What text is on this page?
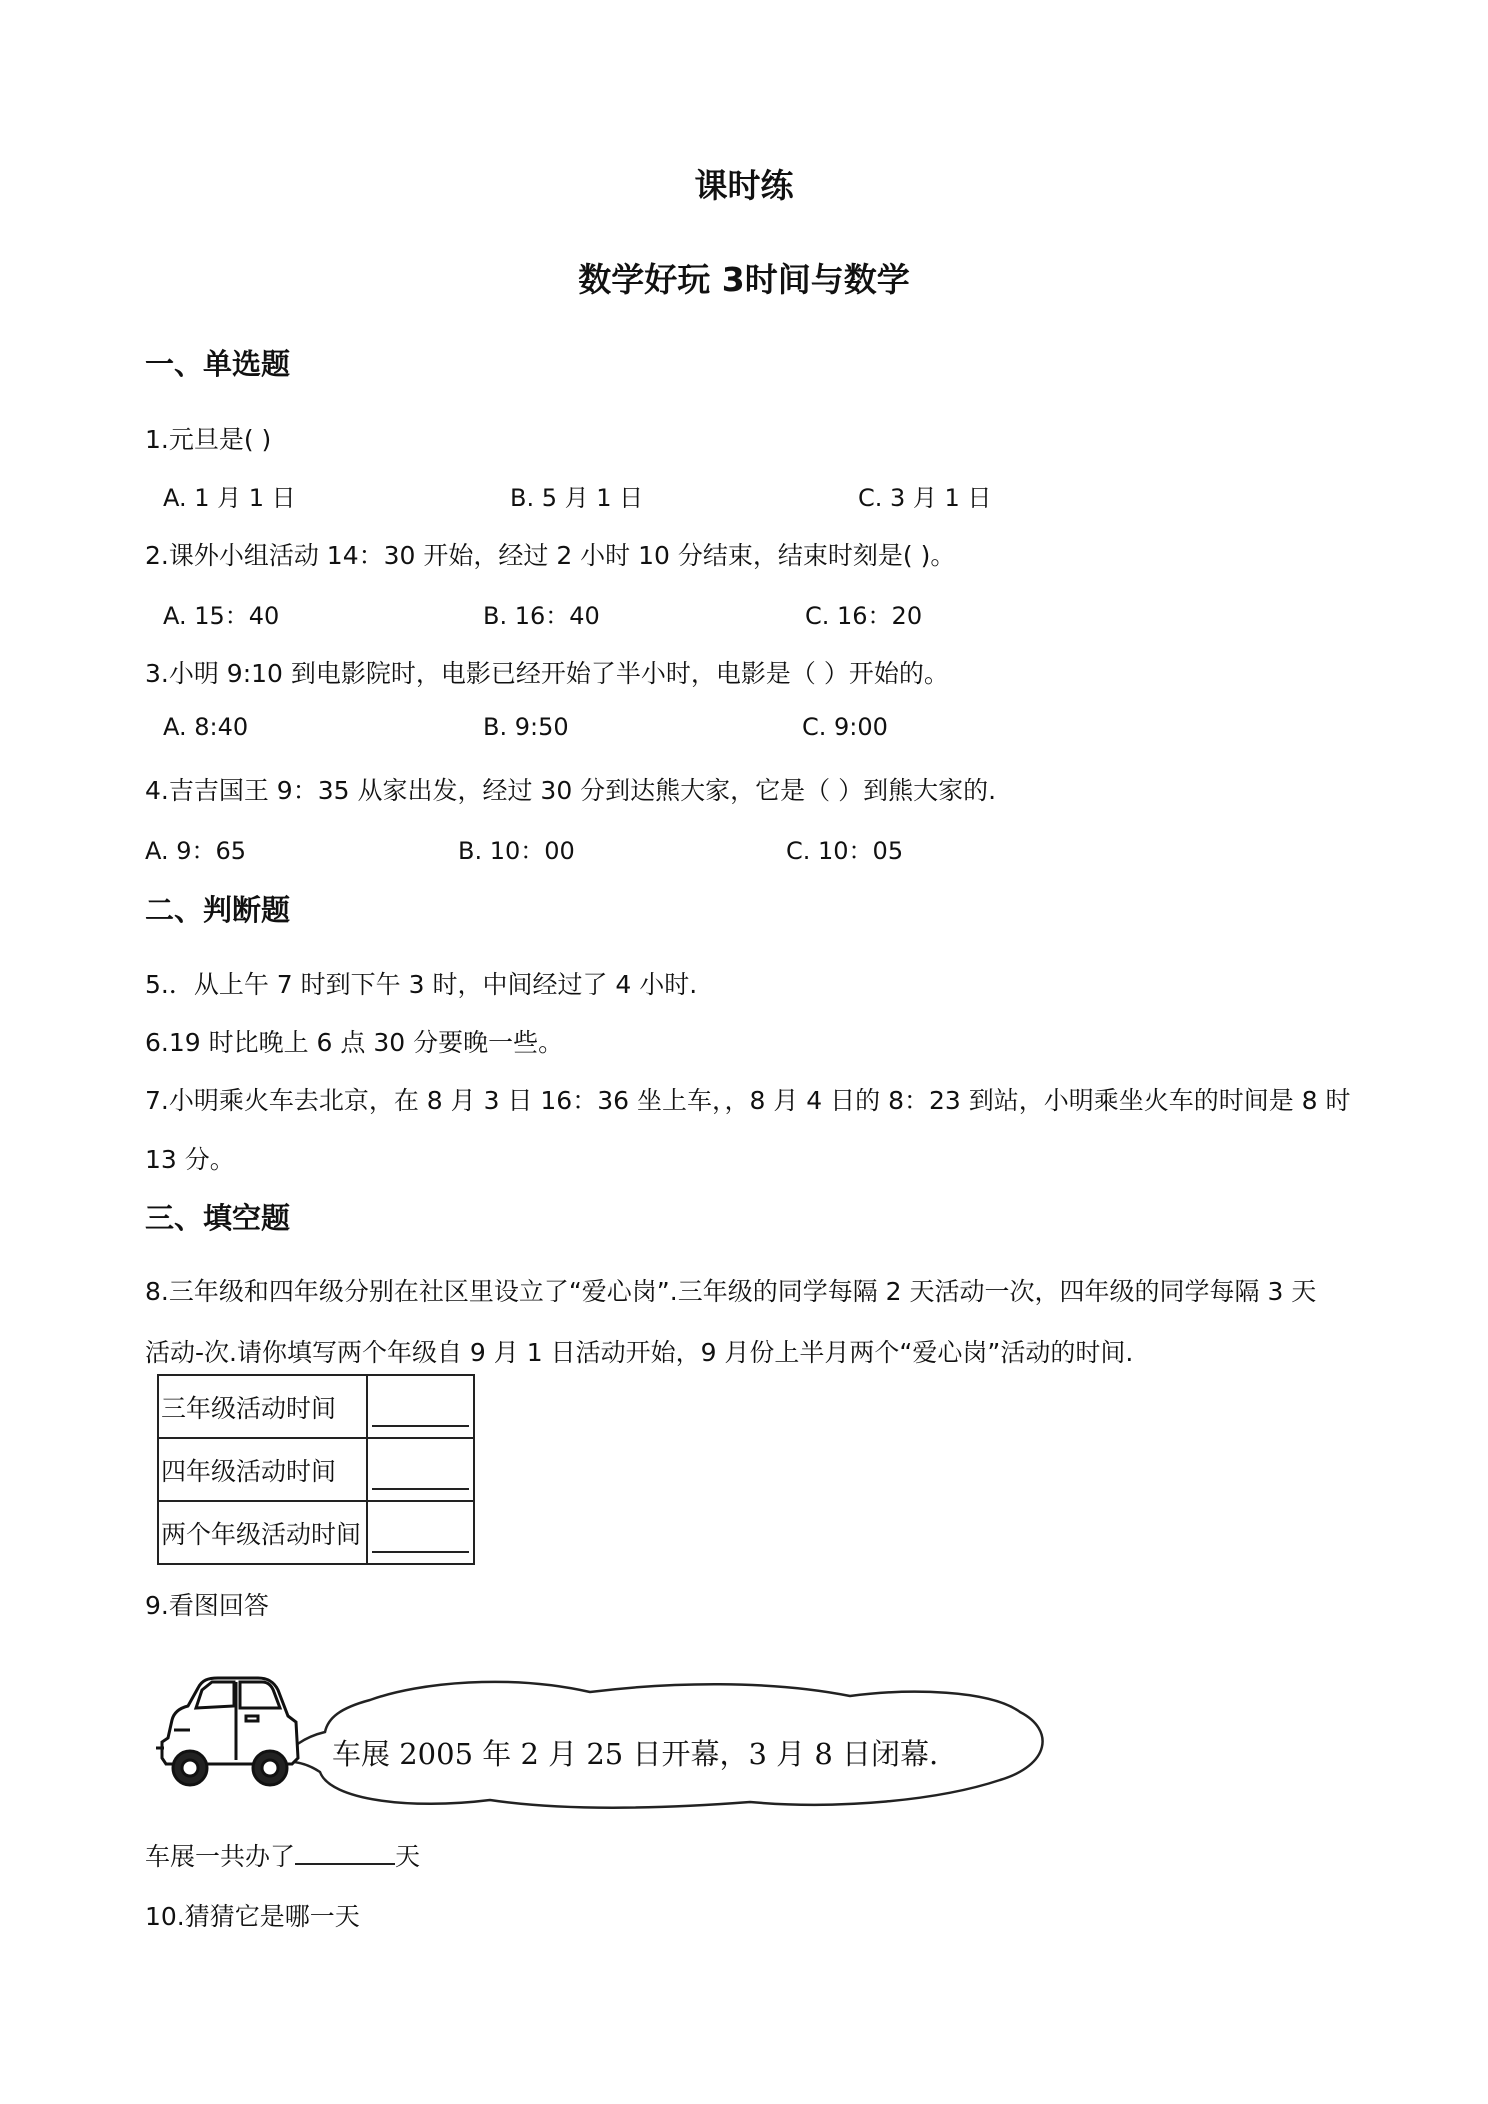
课时练
数学好玩 3时间与数学
一、单选题
1.元旦是( )
A. 1 月 1 日	B. 5 月 1 日	C. 3 月 1 日
2.课外小组活动 14：30 开始，经过 2 小时 10 分结束，结束时刻是( )。
A. 15：40	B. 16：40	C. 16：20
3.小明 9:10 到电影院时，电影已经开始了半小时，电影是（ ）开始的。
A. 8:40	B. 9:50	C. 9:00
4.吉吉国王 9：35 从家出发，经过 30 分到达熊大家，它是（ ）到熊大家的.
A. 9：65	B. 10：00	C. 10：05
二、判断题
5.．从上午 7 时到下午 3 时，中间经过了 4 小时.
6.19 时比晚上 6 点 30 分要晚一些。
7.小明乘火车去北京，在 8 月 3 日 16：36 坐上车，，8 月 4 日的 8：23 到站，小明乘坐火车的时间是 8 时
13 分。
三、填空题
8.三年级和四年级分别在社区里设立了“爱心岗”.三年级的同学每隔 2 天活动一次，四年级的同学每隔 3 天
活动-次.请你填写两个年级自 9 月 1 日活动开始，9 月份上半月两个“爱心岗”活动的时间.
三年级活动时间	

四年级活动时间	

两个年级活动时间	
9.看图回答
车展 2005 年 2 月 25 日开幕，3 月 8 日闭幕.
车展一共办了	天
10.猜猜它是哪一天
